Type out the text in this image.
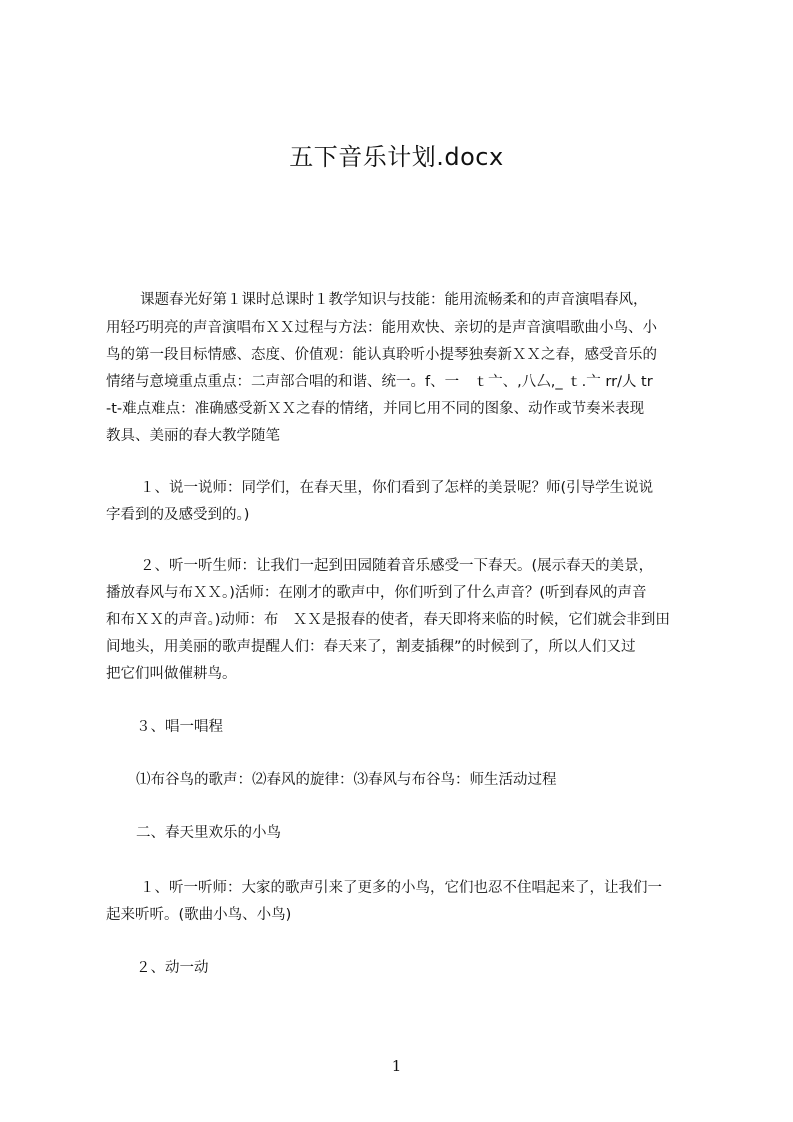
五下音乐计划.docx
课题春光好第１课时总课时１教学知识与技能：能用流畅柔和的声音演唱春风，
用轻巧明亮的声音演唱布ＸＸ过程与方法：能用欢快、亲切的是声音演唱歌曲小鸟、小
鸟的第一段目标情感、态度、价值观：能认真聆听小提琴独奏新ＸＸ之春，感受音乐的
情绪与意境重点重点：二声部合唱的和谐、统一。f、一　ｔ亠、,八厶,_ ｔ.亠 rr/人 tr
-t-难点难点：准确感受新ＸＸ之春的情绪，并同匕用不同的图象、动作或节奏米表现
教具、美丽的春大教学随笔
１、说一说师：同学们，在春天里，你们看到了怎样的美景呢？师(引导学生说说
字看到的及感受到的。)
２、听一听生师：让我们一起到田园随着音乐感受一下春天。(展示春天的美景，
播放春风与布ＸＸ。)活师：在刚才的歌声中，你们听到了什么声音？(听到春风的声音
和布ＸＸ的声音。)动师：布　ＸＸ是报春的使者，春天即将来临的时候，它们就会非到田
间地头，用美丽的歌声提醒人们：春天来了，割麦插稞”的时候到了，所以人们又过
把它们叫做催耕鸟。
３、唱一唱程
⑴布谷鸟的歌声：⑵春风的旋律：⑶春风与布谷鸟：师生活动过程
二、春天里欢乐的小鸟
１、听一听师：大家的歌声引来了更多的小鸟，它们也忍不住唱起来了，让我们一
起来听听。(歌曲小鸟、小鸟)
２、动一动
1
